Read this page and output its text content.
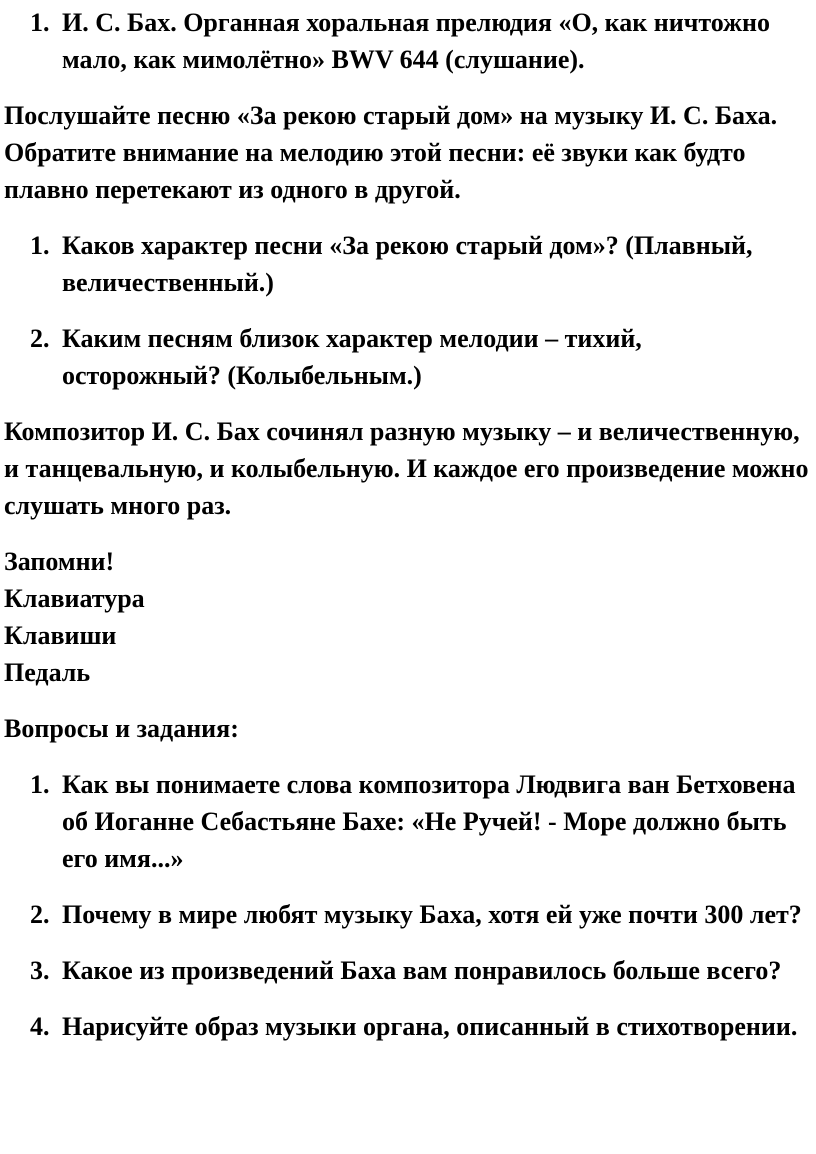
1. И. С. Бах. Органная хоральная прелюдия «О, как ничтожно мало, как мимолётно» BWV 644 (слушание).

Послушайте песню «За рекою старый дом» на музыку И. С. Баха. Обратите внимание на мелодию этой песни: её звуки как будто плавно перетекают из одного в другой.

1. Каков характер песни «За рекою старый дом»? (Плавный, величественный.)
2. Каким песням близок характер мелодии – тихий, осторожный? (Колыбельным.)

Композитор И. С. Бах сочинял разную музыку – и величественную, и танцевальную, и колыбельную. И каждое его произведение можно слушать много раз.

Запомни!
Клавиатура
Клавиши
Педаль

Вопросы и задания:

1. Как вы понимаете слова композитора Людвига ван Бетховена об Иоганне Себастьяне Бахе: «Не Ручей! - Море должно быть его имя...»
2. Почему в мире любят музыку Баха, хотя ей уже почти 300 лет?
3. Какое из произведений Баха вам понравилось больше всего?
4. Нарисуйте образ музыки органа, описанный в стихотворении.
